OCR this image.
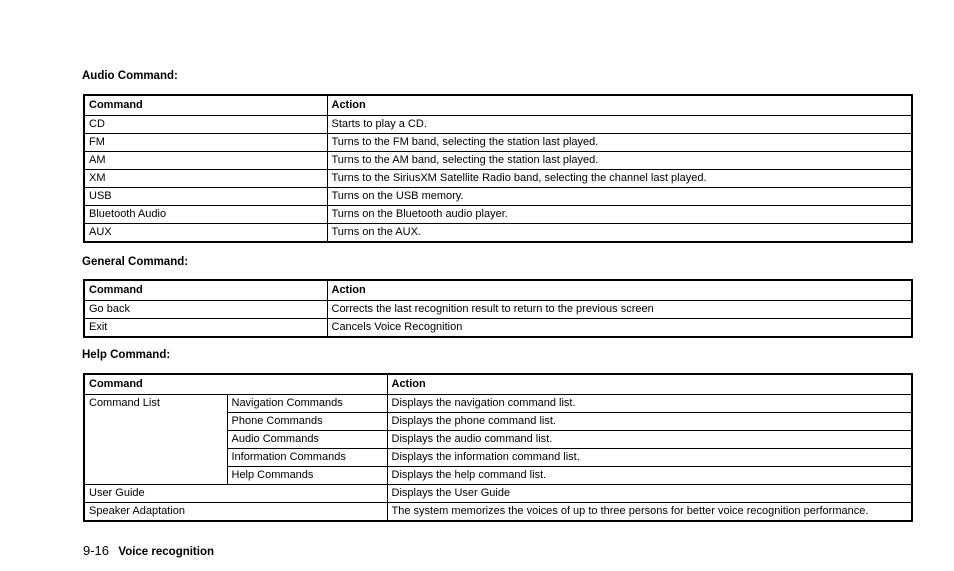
Audio Command:

Command	Action
CD	Starts to play a CD.
FM	Turns to the FM band, selecting the station last played.
AM	Turns to the AM band, selecting the station last played.
XM	Turns to the SiriusXM Satellite Radio band, selecting the channel last played.
USB	Turns on the USB memory.
Bluetooth Audio	Turns on the Bluetooth audio player.
AUX	Turns on the AUX.

General Command:

Command	Action
Go back	Corrects the last recognition result to return to the previous screen
Exit	Cancels Voice Recognition

Help Command:

Command		Action
Command List	Navigation Commands	Displays the navigation command list.
	Phone Commands	Displays the phone command list.
	Audio Commands	Displays the audio command list.
	Information Commands	Displays the information command list.
	Help Commands	Displays the help command list.
User Guide		Displays the User Guide
Speaker Adaptation		The system memorizes the voices of up to three persons for better voice recognition performance.
9-16 Voice recognition
